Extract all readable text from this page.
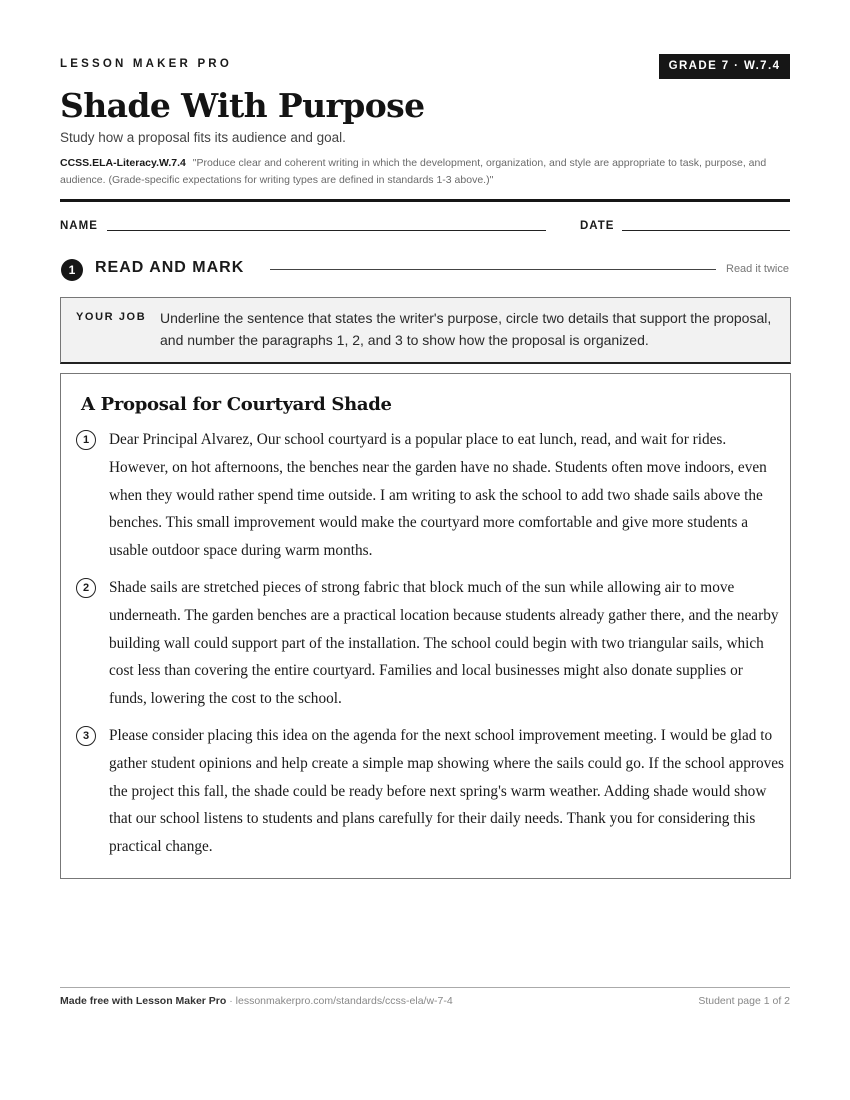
LESSON MAKER PRO	GRADE 7 · W.7.4
Shade With Purpose
Study how a proposal fits its audience and goal.
CCSS.ELA-Literacy.W.7.4 "Produce clear and coherent writing in which the development, organization, and style are appropriate to task, purpose, and audience. (Grade-specific expectations for writing types are defined in standards 1-3 above.)"
NAME	DATE
1	READ AND MARK	Read it twice
YOUR JOB Underline the sentence that states the writer's purpose, circle two details that support the proposal, and number the paragraphs 1, 2, and 3 to show how the proposal is organized.
A Proposal for Courtyard Shade
1	Dear Principal Alvarez, Our school courtyard is a popular place to eat lunch, read, and wait for rides. However, on hot afternoons, the benches near the garden have no shade. Students often move indoors, even when they would rather spend time outside. I am writing to ask the school to add two shade sails above the benches. This small improvement would make the courtyard more comfortable and give more students a usable outdoor space during warm months.

2	Shade sails are stretched pieces of strong fabric that block much of the sun while allowing air to move underneath. The garden benches are a practical location because students already gather there, and the nearby building wall could support part of the installation. The school could begin with two triangular sails, which cost less than covering the entire courtyard. Families and local businesses might also donate supplies or funds, lowering the cost to the school.

3	Please consider placing this idea on the agenda for the next school improvement meeting. I would be glad to gather student opinions and help create a simple map showing where the sails could go. If the school approves the project this fall, the shade could be ready before next spring's warm weather. Adding shade would show that our school listens to students and plans carefully for their daily needs. Thank you for considering this practical change.

Made free with Lesson Maker Pro · lessonmakerpro.com/standards/ccss-ela/w-7-4	Student page 1 of 2
